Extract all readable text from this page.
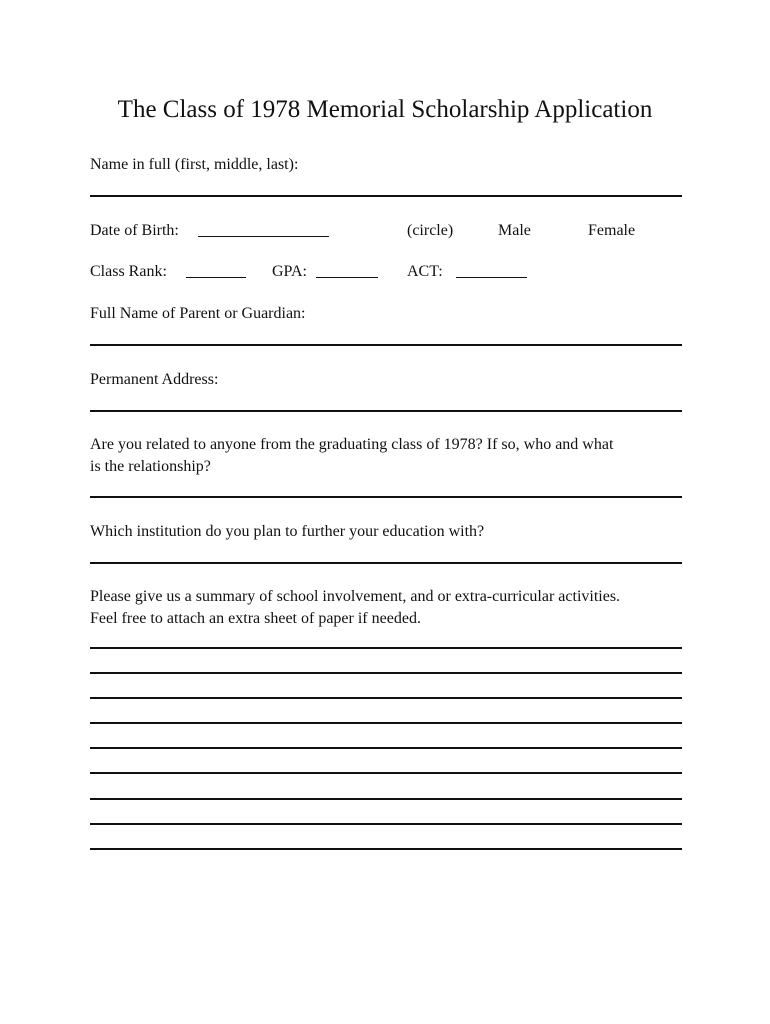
The Class of 1978 Memorial Scholarship Application
Name in full (first, middle, last):
Date of Birth:	(circle)	Male	Female
Class Rank:	GPA:	ACT:
Full Name of Parent or Guardian:
Permanent Address:
Are you related to anyone from the graduating class of 1978? If so, who and what
is the relationship?
Which institution do you plan to further your education with?
Please give us a summary of school involvement, and or extra-curricular activities.
Feel free to attach an extra sheet of paper if needed.
